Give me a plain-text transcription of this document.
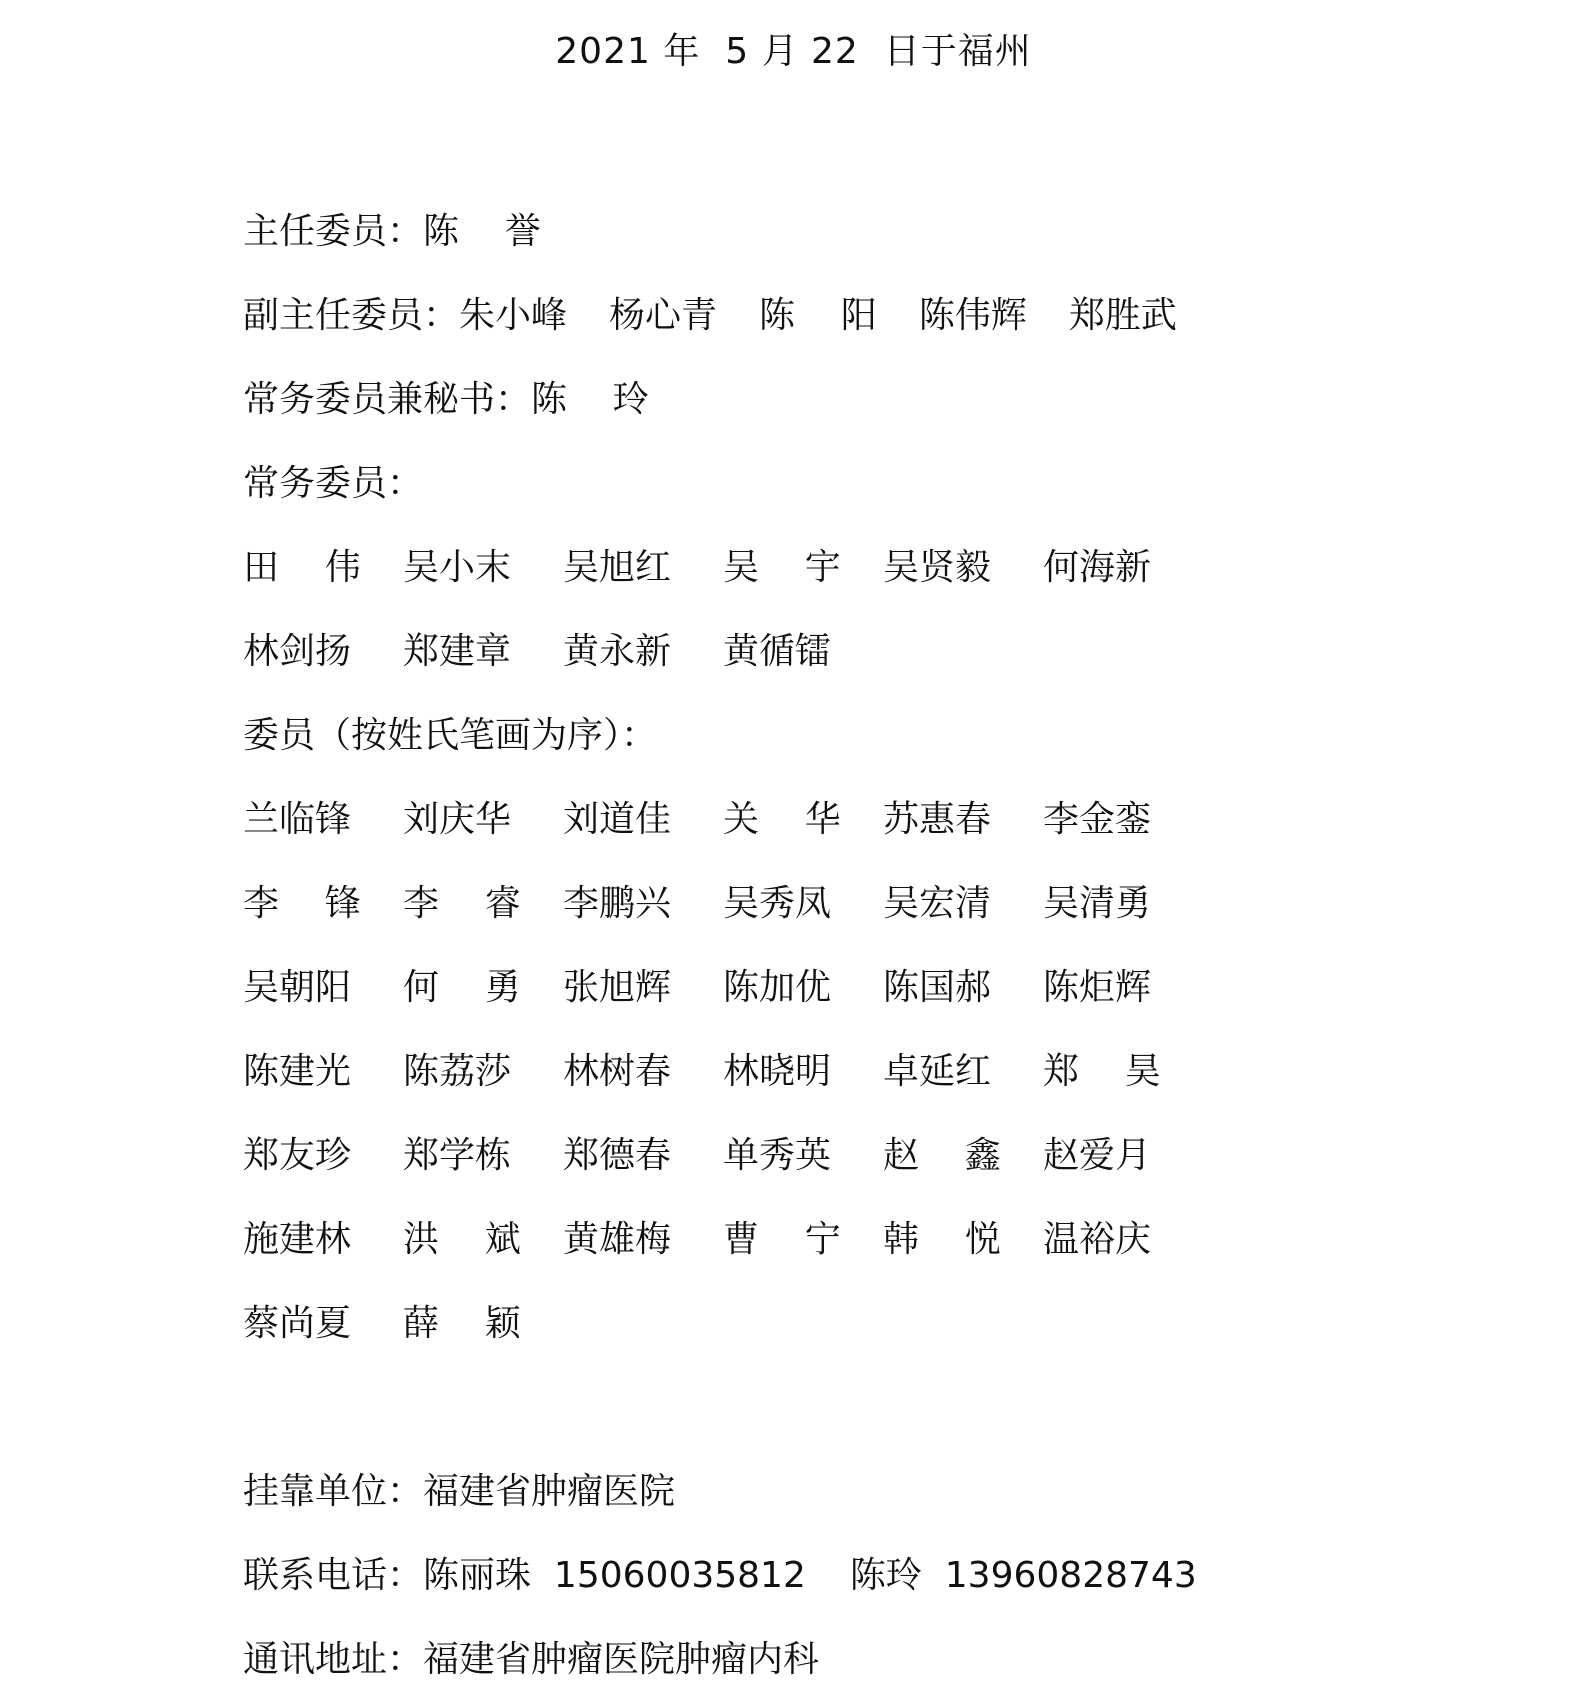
2021 年  5 月 22  日于福州
主任委员：陈    誉
副主任委员：朱小峰 杨心青 陈    阳 陈伟辉 郑胜武
常务委员兼秘书：陈    玲
常务委员：
田    伟	吴小末	吴旭红	吴    宇	吴贤毅	何海新
林剑扬	郑建章	黄永新	黄循镭
委员（按姓氏笔画为序）：
兰临锋	刘庆华	刘道佳	关    华	苏惠春	李金銮
李    锋	李    睿	李鹏兴	吴秀凤	吴宏清	吴清勇
吴朝阳	何    勇	张旭辉	陈加优	陈国郝	陈炬辉
陈建光	陈荔莎	林树春	林晓明	卓延红	郑    昊
郑友珍	郑学栋	郑德春	单秀英	赵    鑫	赵爱月
施建林	洪    斌	黄雄梅	曹    宁	韩    悦	温裕庆
蔡尚夏	薛    颖
挂靠单位：福建省肿瘤医院
联系电话：陈丽珠 15060035812 陈玲 13960828743
通讯地址：福建省肿瘤医院肿瘤内科
